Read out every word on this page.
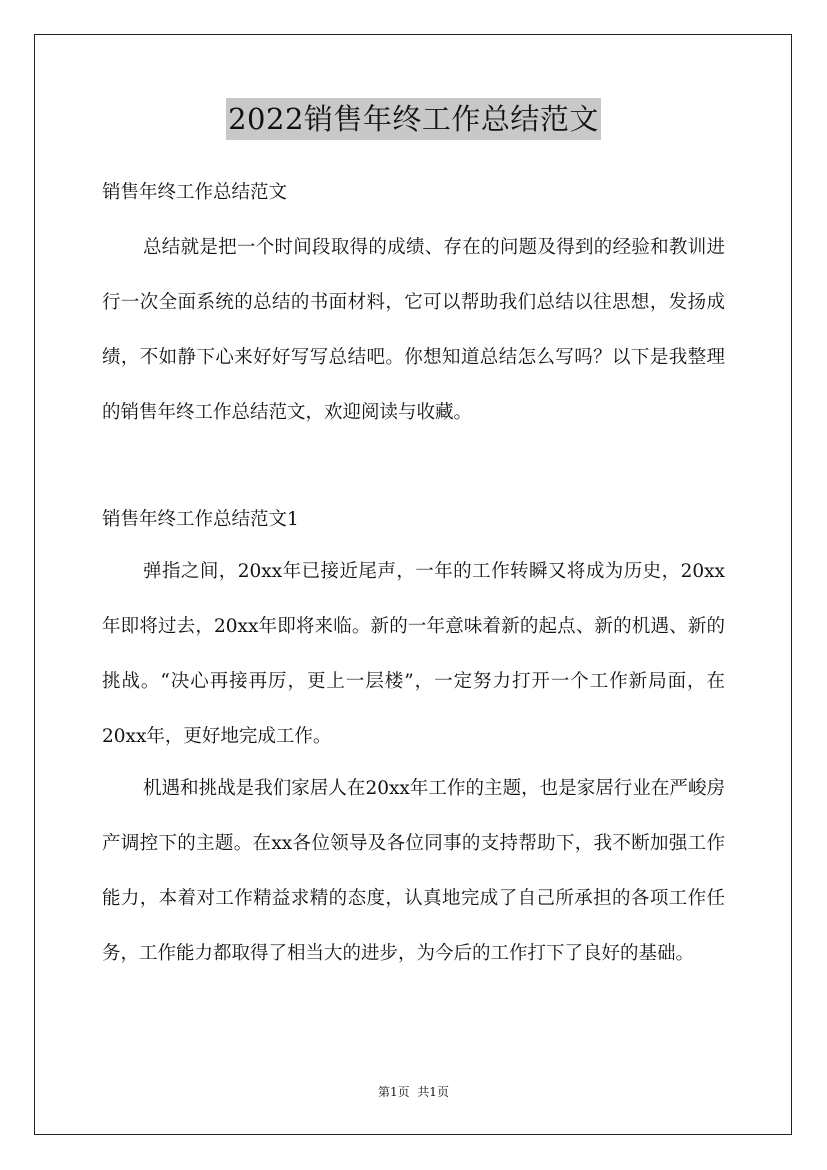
2022销售年终工作总结范文
销售年终工作总结范文

总结就是把一个时间段取得的成绩、存在的问题及得到的经验和教训进行一次全面系统的总结的书面材料，它可以帮助我们总结以往思想，发扬成绩，不如静下心来好好写写总结吧。你想知道总结怎么写吗？以下是我整理的销售年终工作总结范文，欢迎阅读与收藏。

销售年终工作总结范文1

弹指之间，20xx年已接近尾声，一年的工作转瞬又将成为历史，20xx年即将过去，20xx年即将来临。新的一年意味着新的起点、新的机遇、新的挑战。“决心再接再厉，更上一层楼”，一定努力打开一个工作新局面，在20xx年，更好地完成工作。

机遇和挑战是我们家居人在20xx年工作的主题，也是家居行业在严峻房产调控下的主题。在xx各位领导及各位同事的支持帮助下，我不断加强工作能力，本着对工作精益求精的态度，认真地完成了自己所承担的各项工作任务，工作能力都取得了相当大的进步，为今后的工作打下了良好的基础。

第1页  共1页
